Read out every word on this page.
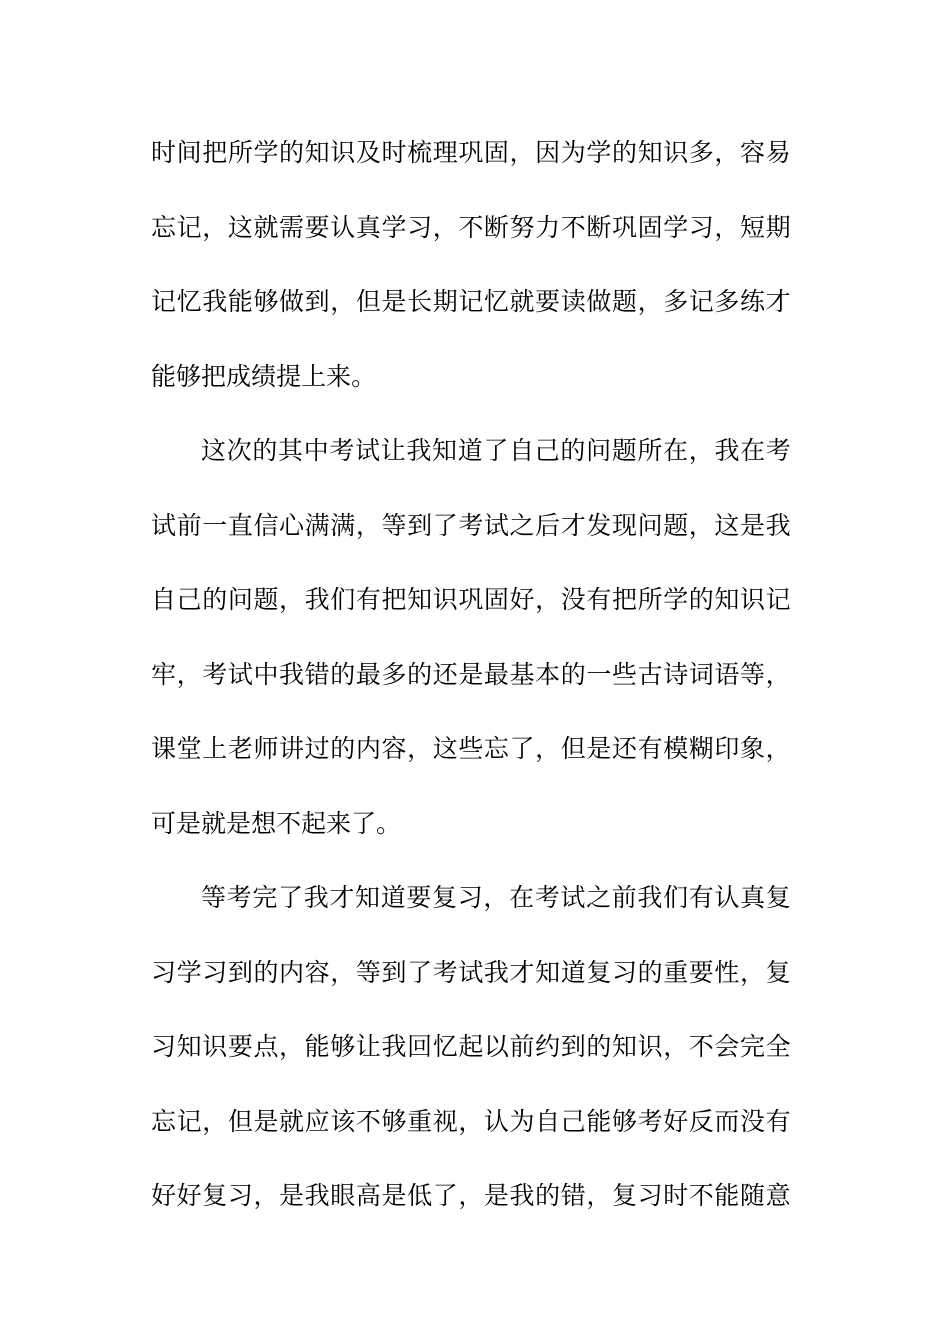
时 间 把 所 学 的 知 识 及 时 梳 理 巩 固 ， 因 为 学 的 知 识 多 ， 容 易
忘 记 ， 这 就 需 要 认 真 学 习 ， 不 断 努 力 不 断 巩 固 学 习 ， 短 期
记 忆 我 能 够 做 到 ， 但 是 长 期 记 忆 就 要 读 做 题 ， 多 记 多 练 才
能 够 把 成 绩 提 上 来 。
这 次 的 其 中 考 试 让 我 知 道 了 自 己 的 问 题 所 在 ， 我 在 考
试 前 一 直 信 心 满 满 ， 等 到 了 考 试 之 后 才 发 现 问 题 ， 这 是 我
自 己 的 问 题 ， 我 们 有 把 知 识 巩 固 好 ， 没 有 把 所 学 的 知 识 记
牢 ， 考 试 中 我 错 的 最 多 的 还 是 最 基 本 的 一 些 古 诗 词 语 等 ，
课 堂 上 老 师 讲 过 的 内 容 ， 这 些 忘 了 ， 但 是 还 有 模 糊 印 象 ，
可 是 就 是 想 不 起 来 了 。
等 考 完 了 我 才 知 道 要 复 习 ， 在 考 试 之 前 我 们 有 认 真 复
习 学 习 到 的 内 容 ， 等 到 了 考 试 我 才 知 道 复 习 的 重 要 性 ， 复
习 知 识 要 点 ， 能 够 让 我 回 忆 起 以 前 约 到 的 知 识 ， 不 会 完 全
忘 记 ， 但 是 就 应 该 不 够 重 视 ， 认 为 自 己 能 够 考 好 反 而 没 有
好 好 复 习 ， 是 我 眼 高 是 低 了 ， 是 我 的 错 ， 复 习 时 不 能 随 意
